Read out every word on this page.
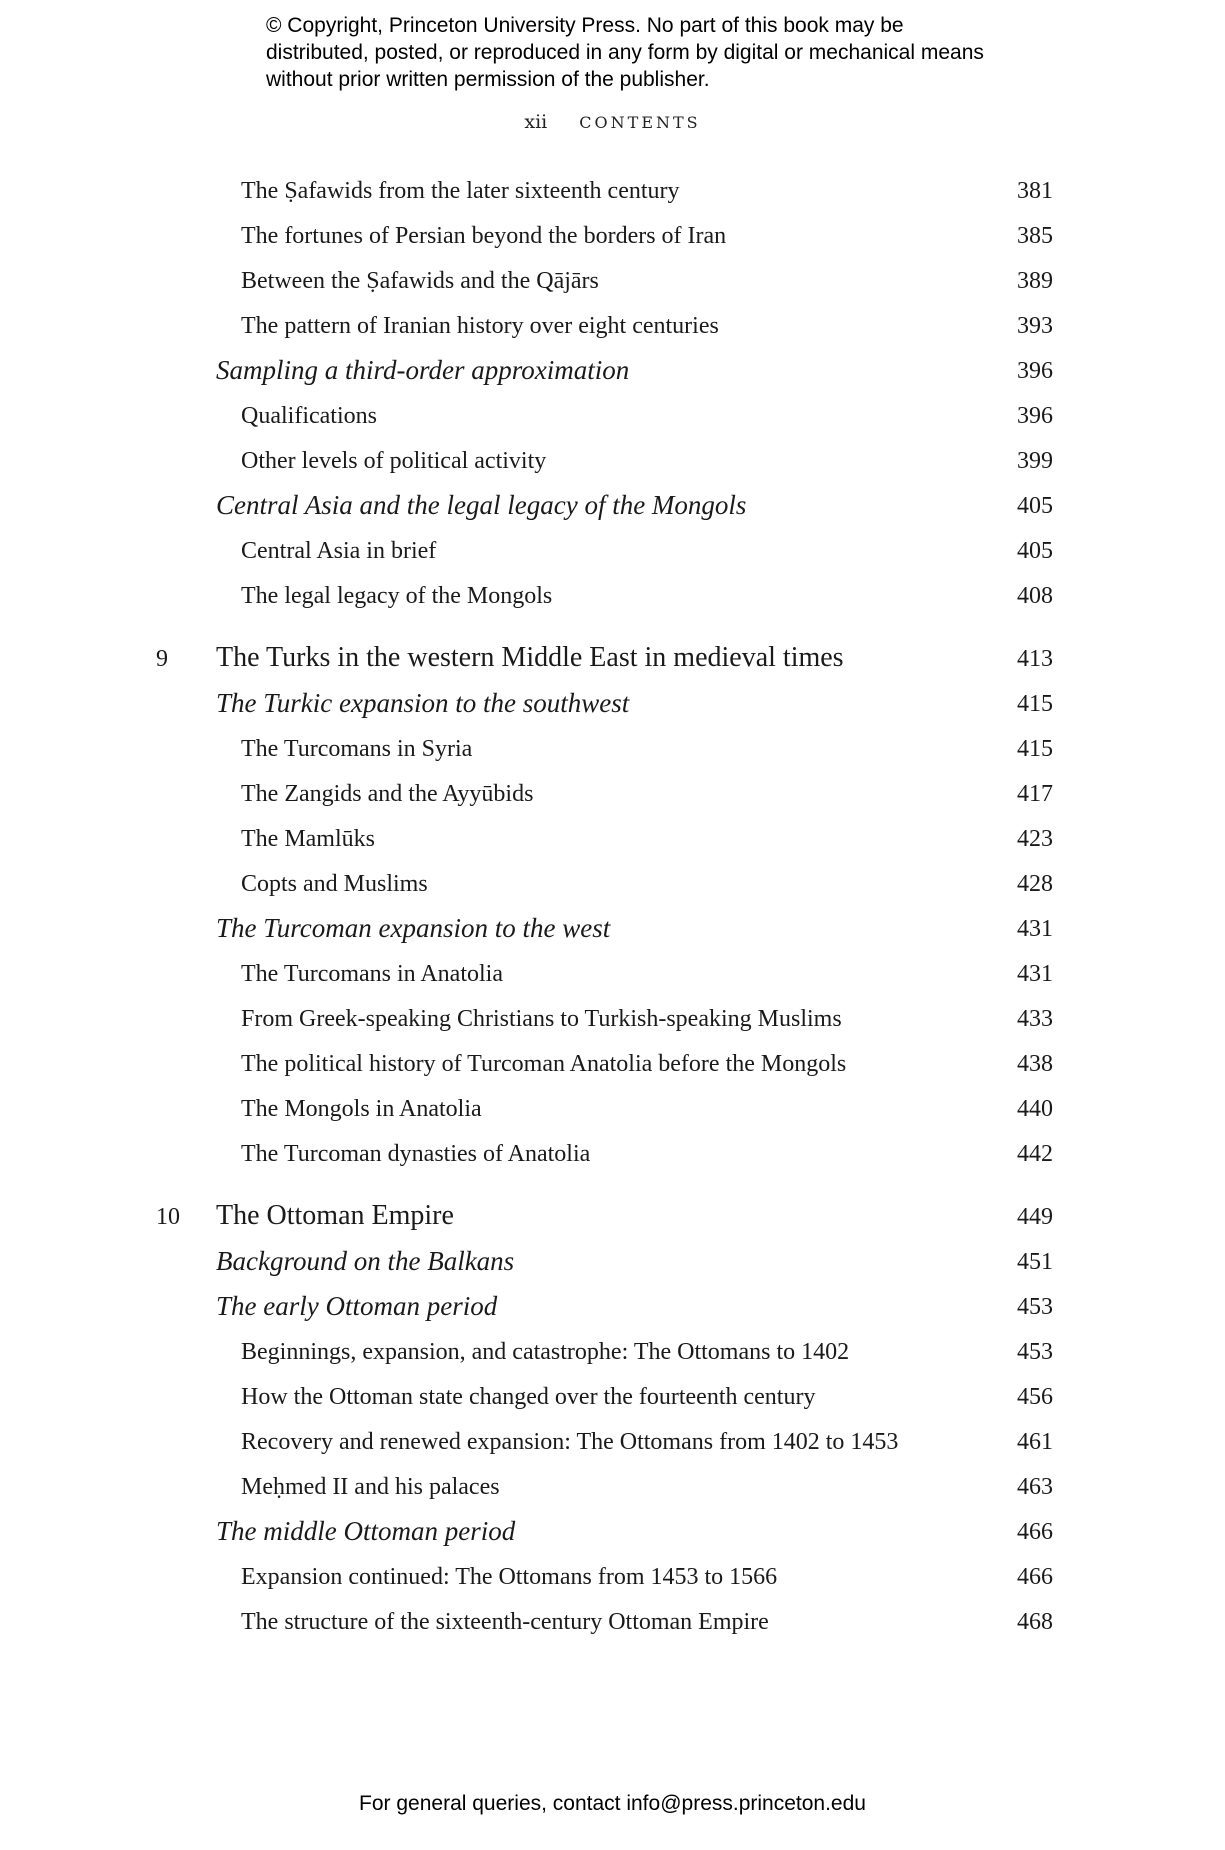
© Copyright, Princeton University Press. No part of this book may be distributed, posted, or reproduced in any form by digital or mechanical means without prior written permission of the publisher.
xii CONTENTS
The Ṣafawids from the later sixteenth century	381
The fortunes of Persian beyond the borders of Iran	385
Between the Ṣafawids and the Qājārs	389
The pattern of Iranian history over eight centuries	393
Sampling a third-order approximation	396
Qualifications	396
Other levels of political activity	399
Central Asia and the legal legacy of the Mongols	405
Central Asia in brief	405
The legal legacy of the Mongols	408
9 The Turks in the western Middle East in medieval times	413
The Turkic expansion to the southwest	415
The Turcomans in Syria	415
The Zangids and the Ayyūbids	417
The Mamlūks	423
Copts and Muslims	428
The Turcoman expansion to the west	431
The Turcomans in Anatolia	431
From Greek-speaking Christians to Turkish-speaking Muslims	433
The political history of Turcoman Anatolia before the Mongols	438
The Mongols in Anatolia	440
The Turcoman dynasties of Anatolia	442
10 The Ottoman Empire	449
Background on the Balkans	451
The early Ottoman period	453
Beginnings, expansion, and catastrophe: The Ottomans to 1402	453
How the Ottoman state changed over the fourteenth century	456
Recovery and renewed expansion: The Ottomans from 1402 to 1453	461
Meḥmed II and his palaces	463
The middle Ottoman period	466
Expansion continued: The Ottomans from 1453 to 1566	466
The structure of the sixteenth-century Ottoman Empire	468
For general queries, contact info@press.princeton.edu
